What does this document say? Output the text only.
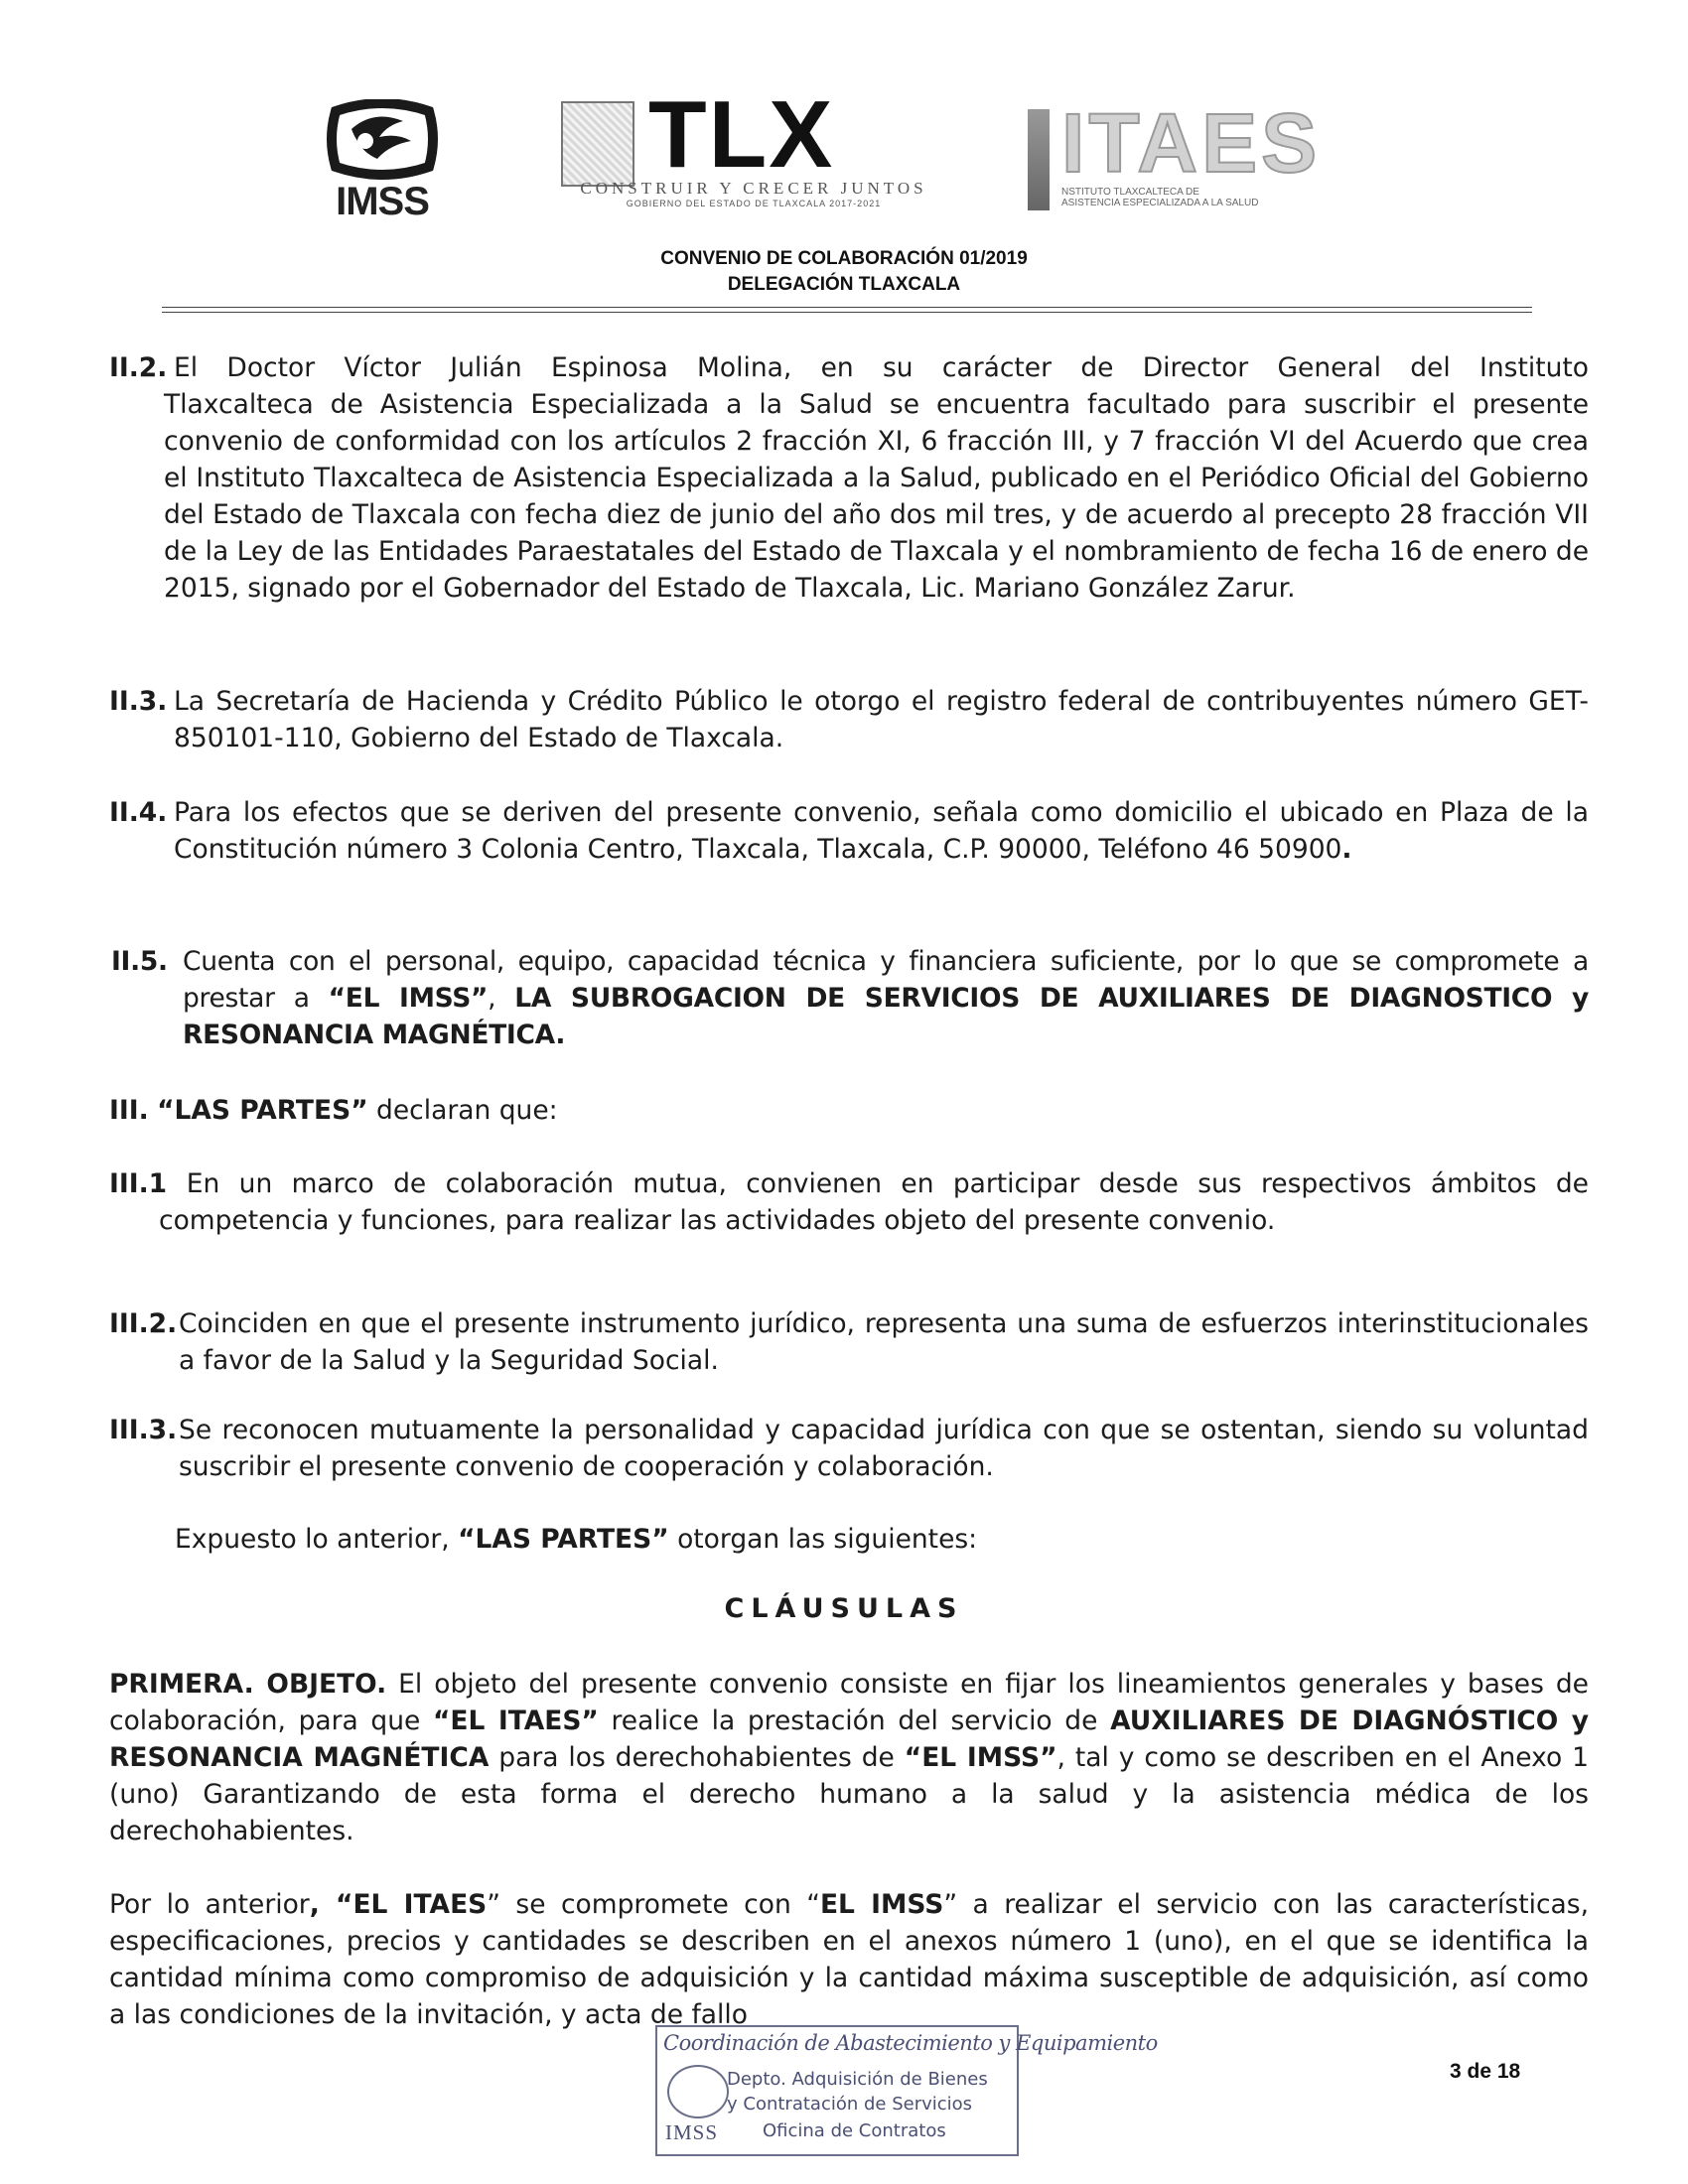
IMSS
TLX
CONSTRUIR Y CRECER JUNTOS
GOBIERNO DEL ESTADO DE TLAXCALA 2017-2021
ITAES
NSTITUTO TLAXCALTECA DE
ASISTENCIA ESPECIALIZADA A LA SALUD
CONVENIO DE COLABORACIÓN 01/2019
DELEGACIÓN TLAXCALA
II.2. El Doctor Víctor Julián Espinosa Molina, en su carácter de Director General del Instituto
Tlaxcalteca de Asistencia Especializada a la Salud se encuentra facultado para suscribir el presente convenio de conformidad con los artículos 2 fracción XI, 6 fracción III, y 7 fracción VI del Acuerdo que crea el Instituto Tlaxcalteca de Asistencia Especializada a la Salud, publicado en el Periódico Oficial del Gobierno del Estado de Tlaxcala con fecha diez de junio del año dos mil tres, y de acuerdo al precepto 28 fracción VII de la Ley de las Entidades Paraestatales del Estado de Tlaxcala y el nombramiento de fecha 16 de enero de 2015, signado por el Gobernador del Estado de Tlaxcala, Lic. Mariano González Zarur.
II.3. La Secretaría de Hacienda y Crédito Público le otorgo el registro federal de contribuyentes número GET-850101-110, Gobierno del Estado de Tlaxcala.
II.4. Para los efectos que se deriven del presente convenio, señala como domicilio el ubicado en Plaza de la Constitución número 3 Colonia Centro, Tlaxcala, Tlaxcala, C.P. 90000, Teléfono 46 50900.
II.5. Cuenta con el personal, equipo, capacidad técnica y financiera suficiente, por lo que se compromete a prestar a “EL IMSS”, LA SUBROGACION DE SERVICIOS DE AUXILIARES DE DIAGNOSTICO y RESONANCIA MAGNÉTICA.
III. “LAS PARTES” declaran que:
III.1
. En un marco de colaboración mutua, convienen en participar desde sus respectivos ámbitos de competencia y funciones, para realizar las actividades objeto del presente convenio.
III.2. Coinciden en que el presente instrumento jurídico, representa una suma de esfuerzos interinstitucionales a favor de la Salud y la Seguridad Social.
III.3. Se reconocen mutuamente la personalidad y capacidad jurídica con que se ostentan, siendo su voluntad suscribir el presente convenio de cooperación y colaboración.
Expuesto lo anterior, “LAS PARTES” otorgan las siguientes:
CLÁUSULAS
PRIMERA. OBJETO. El objeto del presente convenio consiste en fijar los lineamientos generales y bases de colaboración, para que “EL ITAES” realice la prestación del servicio de AUXILIARES DE DIAGNÓSTICO y RESONANCIA MAGNÉTICA para los derechohabientes de “EL IMSS”, tal y como se describen en el Anexo 1 (uno) Garantizando de esta forma el derecho humano a la salud y la asistencia médica de los derechohabientes.
Por lo anterior, “EL ITAES” se compromete con “EL IMSS” a realizar el servicio con las características, especificaciones, precios y cantidades se describen en el anexos número 1 (uno), en el que se identifica la cantidad mínima como compromiso de adquisición y la cantidad máxima susceptible de adquisición, así como a las condiciones de la invitación, y acta de fallo
Coordinación de Abastecimiento y Equipamiento
Depto. Adquisición de Bienes
y Contratación de Servicios
IMSS Oficina de Contratos
3 de 18
